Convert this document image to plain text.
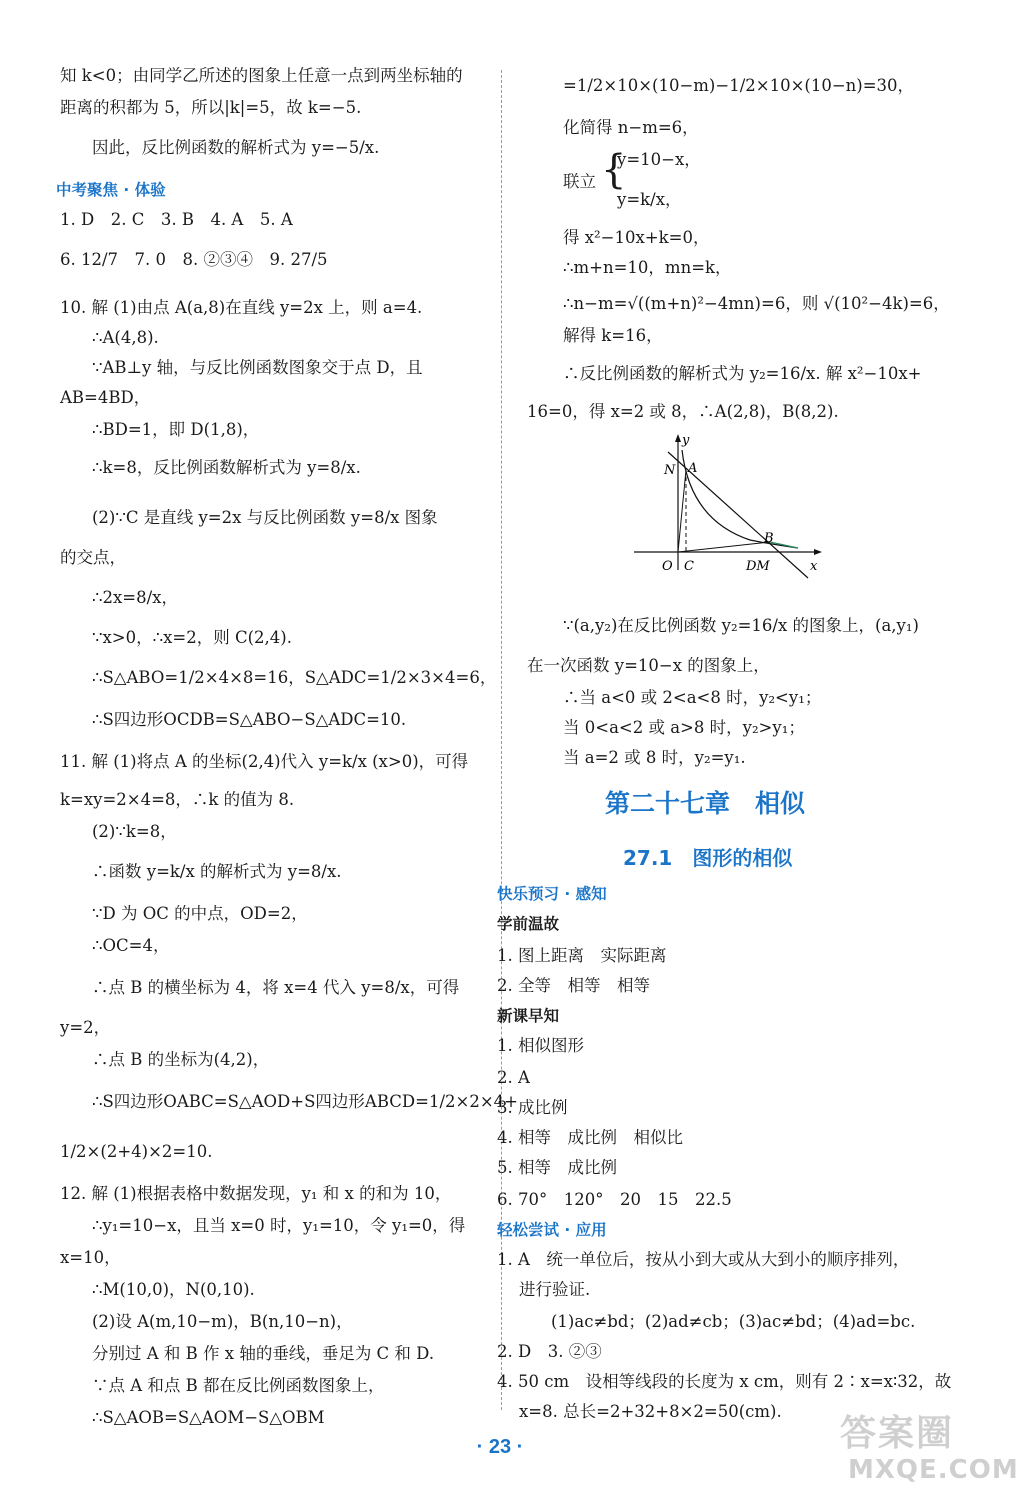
知 k<0；由同学乙所述的图象上任意一点到两坐标轴的
距离的积都为 5，所以|k|=5，故 k=−5.
因此，反比例函数的解析式为 y=−5/x.
中考聚焦 · 体验
1. D　2. C　3. B　4. A　5. A
6. 12/7　7. 0　8. ②③④　9. 27/5
10. 解 (1)由点 A(a,8)在直线 y=2x 上，则 a=4.
∴A(4,8).
∵AB⊥y 轴，与反比例函数图象交于点 D，且
AB=4BD，
∴BD=1，即 D(1,8)，
∴k=8，反比例函数解析式为 y=8/x.
(2)∵C 是直线 y=2x 与反比例函数 y=8/x 图象
的交点，
∴2x=8/x，
∵x>0，∴x=2，则 C(2,4).
∴S△ABO=1/2×4×8=16，S△ADC=1/2×3×4=6，
∴S四边形OCDB=S△ABO−S△ADC=10.
11. 解 (1)将点 A 的坐标(2,4)代入 y=k/x (x>0)，可得
k=xy=2×4=8，∴k 的值为 8.
(2)∵k=8，
∴函数 y=k/x 的解析式为 y=8/x.
∵D 为 OC 的中点，OD=2，
∴OC=4，
∴点 B 的横坐标为 4，将 x=4 代入 y=8/x，可得
y=2，
∴点 B 的坐标为(4,2)，
∴S四边形OABC=S△AOD+S四边形ABCD=1/2×2×4+
1/2×(2+4)×2=10.
12. 解 (1)根据表格中数据发现，y₁ 和 x 的和为 10，
∴y₁=10−x，且当 x=0 时，y₁=10，令 y₁=0，得
x=10，
∴M(10,0)，N(0,10).
(2)设 A(m,10−m)，B(n,10−n)，
分别过 A 和 B 作 x 轴的垂线，垂足为 C 和 D.
∵点 A 和点 B 都在反比例函数图象上，
∴S△AOB=S△AOM−S△OBM
=1/2×10×(10−m)−1/2×10×(10−n)=30，
化简得 n−m=6，
联立 {
y=10−x，
y=k/x，
得 x²−10x+k=0，
∴m+n=10，mn=k，
∴n−m=√((m+n)²−4mn)=6，则 √(10²−4k)=6，
解得 k=16，
∴反比例函数的解析式为 y₂=16/x. 解 x²−10x+
16=0，得 x=2 或 8，∴A(2,8)，B(8,2).
y
x
N A
B
O C	DM
∵(a,y₂)在反比例函数 y₂=16/x 的图象上，(a,y₁)
在一次函数 y=10−x 的图象上，
∴当 a<0 或 2<a<8 时，y₂<y₁；
当 0<a<2 或 a>8 时，y₂>y₁；
当 a=2 或 8 时，y₂=y₁.
第二十七章　相似
27.1　图形的相似
快乐预习 · 感知
学前温故
1. 图上距离　实际距离
2. 全等　相等　相等
新课早知
1. 相似图形
2. A
3. 成比例
4. 相等　成比例　相似比
5. 相等　成比例
6. 70°　120°　20　15　22.5
轻松尝试 · 应用
1. A　统一单位后，按从小到大或从大到小的顺序排列，
进行验证.
(1)ac≠bd；(2)ad≠cb；(3)ac≠bd；(4)ad=bc.
2. D　3. ②③
4. 50 cm　设相等线段的长度为 x cm，则有 2∶x=x∶32，故
x=8. 总长=2+32+8×2=50(cm).
· 23 ·	答案圈
MXQE.COM
